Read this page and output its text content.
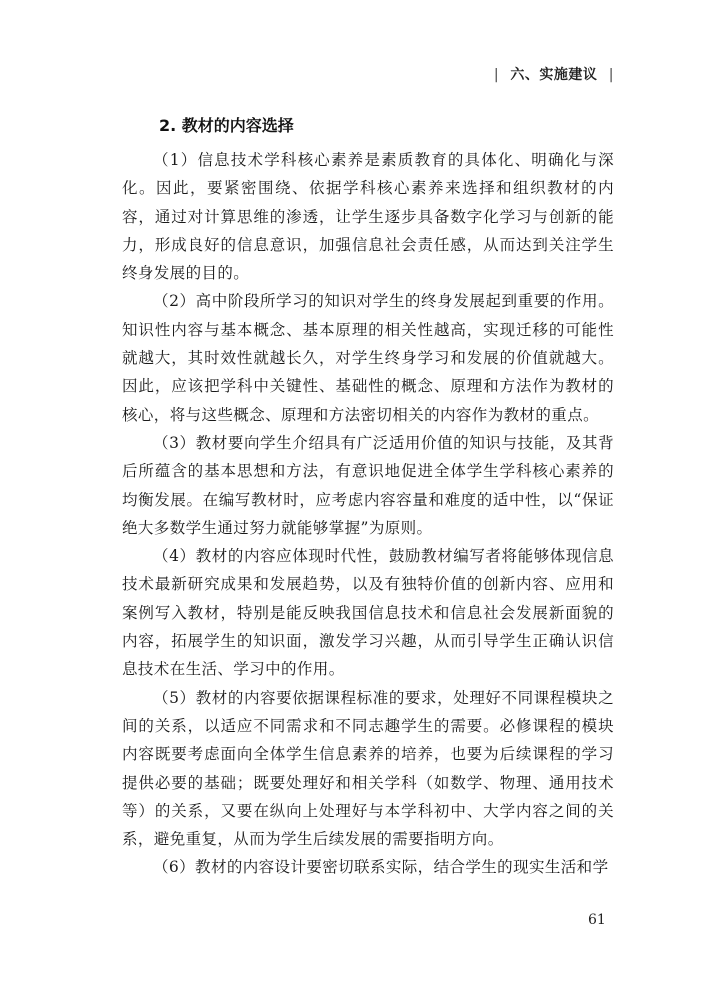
| 六、实施建议 |
2. 教材的内容选择

（1）信息技术学科核心素养是素质教育的具体化、明确化与深化。因此，要紧密围绕、依据学科核心素养来选择和组织教材的内容，通过对计算思维的渗透，让学生逐步具备数字化学习与创新的能力，形成良好的信息意识，加强信息社会责任感，从而达到关注学生终身发展的目的。

（2）高中阶段所学习的知识对学生的终身发展起到重要的作用。知识性内容与基本概念、基本原理的相关性越高，实现迁移的可能性就越大，其时效性就越长久，对学生终身学习和发展的价值就越大。因此，应该把学科中关键性、基础性的概念、原理和方法作为教材的核心，将与这些概念、原理和方法密切相关的内容作为教材的重点。

（3）教材要向学生介绍具有广泛适用价值的知识与技能，及其背后所蕴含的基本思想和方法，有意识地促进全体学生学科核心素养的均衡发展。在编写教材时，应考虑内容容量和难度的适中性，以“保证绝大多数学生通过努力就能够掌握”为原则。

（4）教材的内容应体现时代性，鼓励教材编写者将能够体现信息技术最新研究成果和发展趋势，以及有独特价值的创新内容、应用和案例写入教材，特别是能反映我国信息技术和信息社会发展新面貌的内容，拓展学生的知识面，激发学习兴趣，从而引导学生正确认识信息技术在生活、学习中的作用。

（5）教材的内容要依据课程标准的要求，处理好不同课程模块之间的关系，以适应不同需求和不同志趣学生的需要。必修课程的模块内容既要考虑面向全体学生信息素养的培养，也要为后续课程的学习提供必要的基础；既要处理好和相关学科（如数学、物理、通用技术等）的关系，又要在纵向上处理好与本学科初中、大学内容之间的关系，避免重复，从而为学生后续发展的需要指明方向。

（6）教材的内容设计要密切联系实际，结合学生的现实生活和学

61
